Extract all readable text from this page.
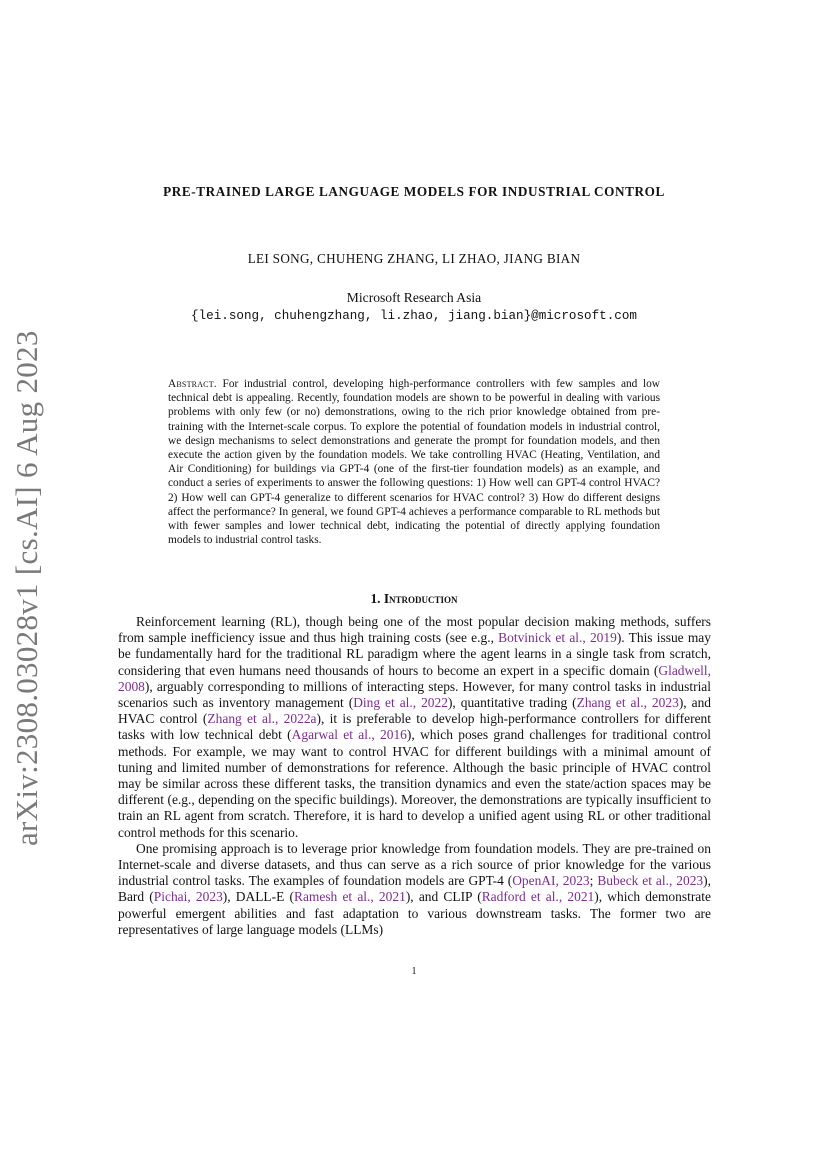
arXiv:2308.03028v1 [cs.AI] 6 Aug 2023
PRE-TRAINED LARGE LANGUAGE MODELS FOR INDUSTRIAL CONTROL

LEI SONG, CHUHENG ZHANG, LI ZHAO, JIANG BIAN

Microsoft Research Asia

{lei.song, chuhengzhang, li.zhao, jiang.bian}@microsoft.com

Abstract. For industrial control, developing high-performance controllers with few samples and low technical debt is appealing. Recently, foundation models are shown to be powerful in dealing with various problems with only few (or no) demonstrations, owing to the rich prior knowledge obtained from pre-training with the Internet-scale corpus. To explore the potential of foundation models in industrial control, we design mechanisms to select demonstrations and generate the prompt for foundation models, and then execute the action given by the foundation models. We take controlling HVAC (Heating, Ventilation, and Air Conditioning) for buildings via GPT-4 (one of the first-tier foundation models) as an example, and conduct a series of experiments to answer the following questions: 1) How well can GPT-4 control HVAC? 2) How well can GPT-4 generalize to different scenarios for HVAC control? 3) How do different designs affect the performance? In general, we found GPT-4 achieves a performance comparable to RL methods but with fewer samples and lower technical debt, indicating the potential of directly applying foundation models to industrial control tasks.

1. Introduction

Reinforcement learning (RL), though being one of the most popular decision making methods, suffers from sample inefficiency issue and thus high training costs (see e.g., Botvinick et al., 2019). This issue may be fundamentally hard for the traditional RL paradigm where the agent learns in a single task from scratch, considering that even humans need thousands of hours to become an expert in a specific domain (Gladwell, 2008), arguably corresponding to millions of interacting steps. However, for many control tasks in industrial scenarios such as inventory management (Ding et al., 2022), quantitative trading (Zhang et al., 2023), and HVAC control (Zhang et al., 2022a), it is preferable to develop high-performance controllers for different tasks with low technical debt (Agarwal et al., 2016), which poses grand challenges for traditional control methods. For example, we may want to control HVAC for different buildings with a minimal amount of tuning and limited number of demonstrations for reference. Although the basic principle of HVAC control may be similar across these different tasks, the transition dynamics and even the state/action spaces may be different (e.g., depending on the specific buildings). Moreover, the demonstrations are typically insufficient to train an RL agent from scratch. Therefore, it is hard to develop a unified agent using RL or other traditional control methods for this scenario.

One promising approach is to leverage prior knowledge from foundation models. They are pre-trained on Internet-scale and diverse datasets, and thus can serve as a rich source of prior knowledge for the various industrial control tasks. The examples of foundation models are GPT-4 (OpenAI, 2023; Bubeck et al., 2023), Bard (Pichai, 2023), DALL-E (Ramesh et al., 2021), and CLIP (Radford et al., 2021), which demonstrate powerful emergent abilities and fast adaptation to various downstream tasks. The former two are representatives of large language models (LLMs)

1
